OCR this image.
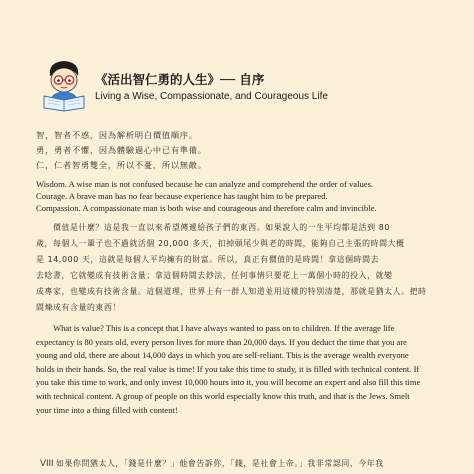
《活出智仁勇的人生》── 自序
Living a Wise, Compassionate, and Courageous Life
智，智者不惑，因為解析明白價值順序。
勇，勇者不懼，因為體驗過心中已有準備。
仁，仁者智勇雙全，所以不憂，所以無敵。
Wisdom. A wise man is not confused because he can analyze and comprehend the order of values.
Courage. A brave man has no fear because experience has taught him to be prepared.
Compassion. A compassionate man is both wise and courageous and therefore calm and invincible.
　　價值是什麼？這是我一直以來希望傳遞給孩子們的東西。如果說人的一生平均都是活到 80
歲，每個人一輩子也不過就活個 20,000 多天，扣掉頭尾少與老的時間，能夠自己主張的時間大概
是 14,000 天，這就是每個人平均擁有的財富。所以，真正有價值的是時間！拿這個時間去
去唸書，它就變成有技術含量；拿這個時間去鈔法，任何事情只要花上一萬個小時的投入，就變
成專家，也變成有技術含量。這個道理，世界上有一群人知道並用這樣的特別清楚，那就是猶太人。把時
間煉成有含量的東西！
　　What is value? This is a concept that I have always wanted to pass on to children. If the average life
expectancy is 80 years old, every person lives for more than 20,000 days. If you deduct the time that you are
young and old, there are about 14,000 days in which you are self-reliant. This is the average wealth everyone
holds in their hands. So, the real value is time! If you take this time to study, it is filled with technical content. If
you take this time to work, and only invest 10,000 hours into it, you will become an expert and also fill this time
with technical content. A group of people on this world especially know this truth, and that is the Jews. Smelt
your time into a thing filled with content!
VIII 如果你問猶太人，「錢是什麼？」他會告訴你，「錢，是社會上帝。」我非常認同，今年我
